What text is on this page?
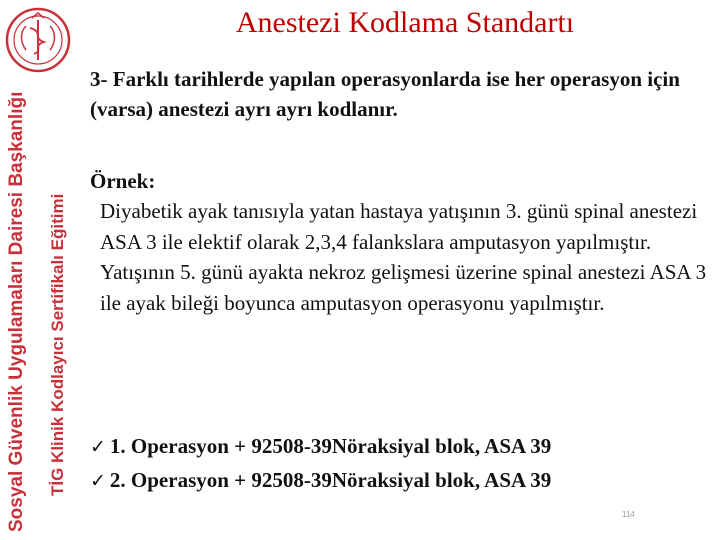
Sosyal Güvenlik Uygulamaları Dairesi Başkanlığı TİG Klinik Kodlayıcı Sertifikalı Eğitimi
Anestezi Kodlama Standartı
3- Farklı tarihlerde yapılan operasyonlarda ise her operasyon için (varsa) anestezi ayrı ayrı kodlanır.
Örnek:
Diyabetik ayak tanısıyla yatan hastaya yatışının 3. günü spinal anestezi ASA 3 ile elektif olarak 2,3,4 falankslara amputasyon yapılmıştır. Yatışının 5. günü ayakta nekroz gelişmesi üzerine spinal anestezi ASA 3 ile ayak bileği boyunca amputasyon operasyonu yapılmıştır.
✓ 1. Operasyon + 92508-39Nöraksiyal blok, ASA 39
✓ 2. Operasyon + 92508-39Nöraksiyal blok, ASA 39
114
